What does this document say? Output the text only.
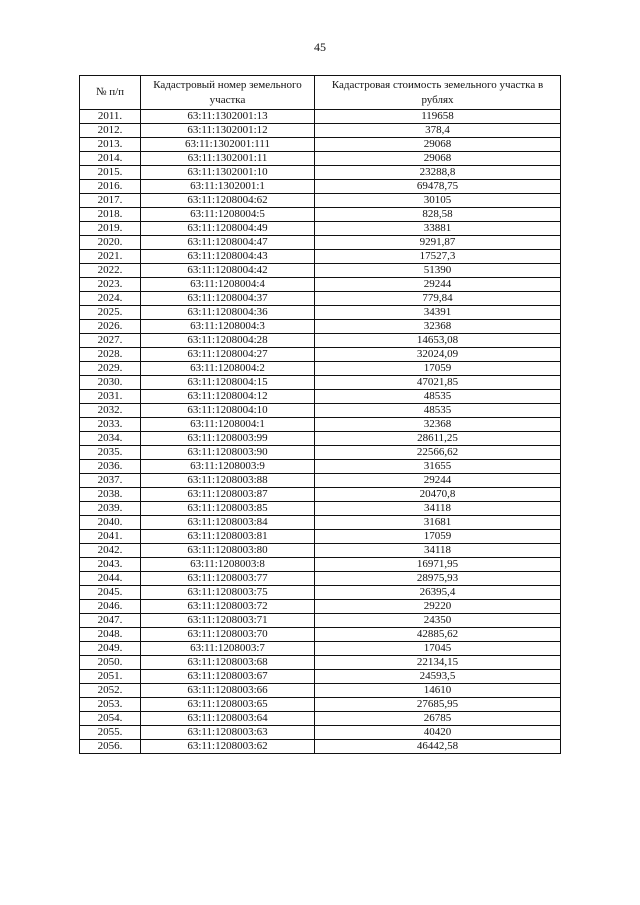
45
№ п/п	Кадастровый номер земельного участка	Кадастровая стоимость земельного участка в рублях
2011.	63:11:1302001:13	119658
2012.	63:11:1302001:12	378,4
2013.	63:11:1302001:111	29068
2014.	63:11:1302001:11	29068
2015.	63:11:1302001:10	23288,8
2016.	63:11:1302001:1	69478,75
2017.	63:11:1208004:62	30105
2018.	63:11:1208004:5	828,58
2019.	63:11:1208004:49	33881
2020.	63:11:1208004:47	9291,87
2021.	63:11:1208004:43	17527,3
2022.	63:11:1208004:42	51390
2023.	63:11:1208004:4	29244
2024.	63:11:1208004:37	779,84
2025.	63:11:1208004:36	34391
2026.	63:11:1208004:3	32368
2027.	63:11:1208004:28	14653,08
2028.	63:11:1208004:27	32024,09
2029.	63:11:1208004:2	17059
2030.	63:11:1208004:15	47021,85
2031.	63:11:1208004:12	48535
2032.	63:11:1208004:10	48535
2033.	63:11:1208004:1	32368
2034.	63:11:1208003:99	28611,25
2035.	63:11:1208003:90	22566,62
2036.	63:11:1208003:9	31655
2037.	63:11:1208003:88	29244
2038.	63:11:1208003:87	20470,8
2039.	63:11:1208003:85	34118
2040.	63:11:1208003:84	31681
2041.	63:11:1208003:81	17059
2042.	63:11:1208003:80	34118
2043.	63:11:1208003:8	16971,95
2044.	63:11:1208003:77	28975,93
2045.	63:11:1208003:75	26395,4
2046.	63:11:1208003:72	29220
2047.	63:11:1208003:71	24350
2048.	63:11:1208003:70	42885,62
2049.	63:11:1208003:7	17045
2050.	63:11:1208003:68	22134,15
2051.	63:11:1208003:67	24593,5
2052.	63:11:1208003:66	14610
2053.	63:11:1208003:65	27685,95
2054.	63:11:1208003:64	26785
2055.	63:11:1208003:63	40420
2056.	63:11:1208003:62	46442,58
